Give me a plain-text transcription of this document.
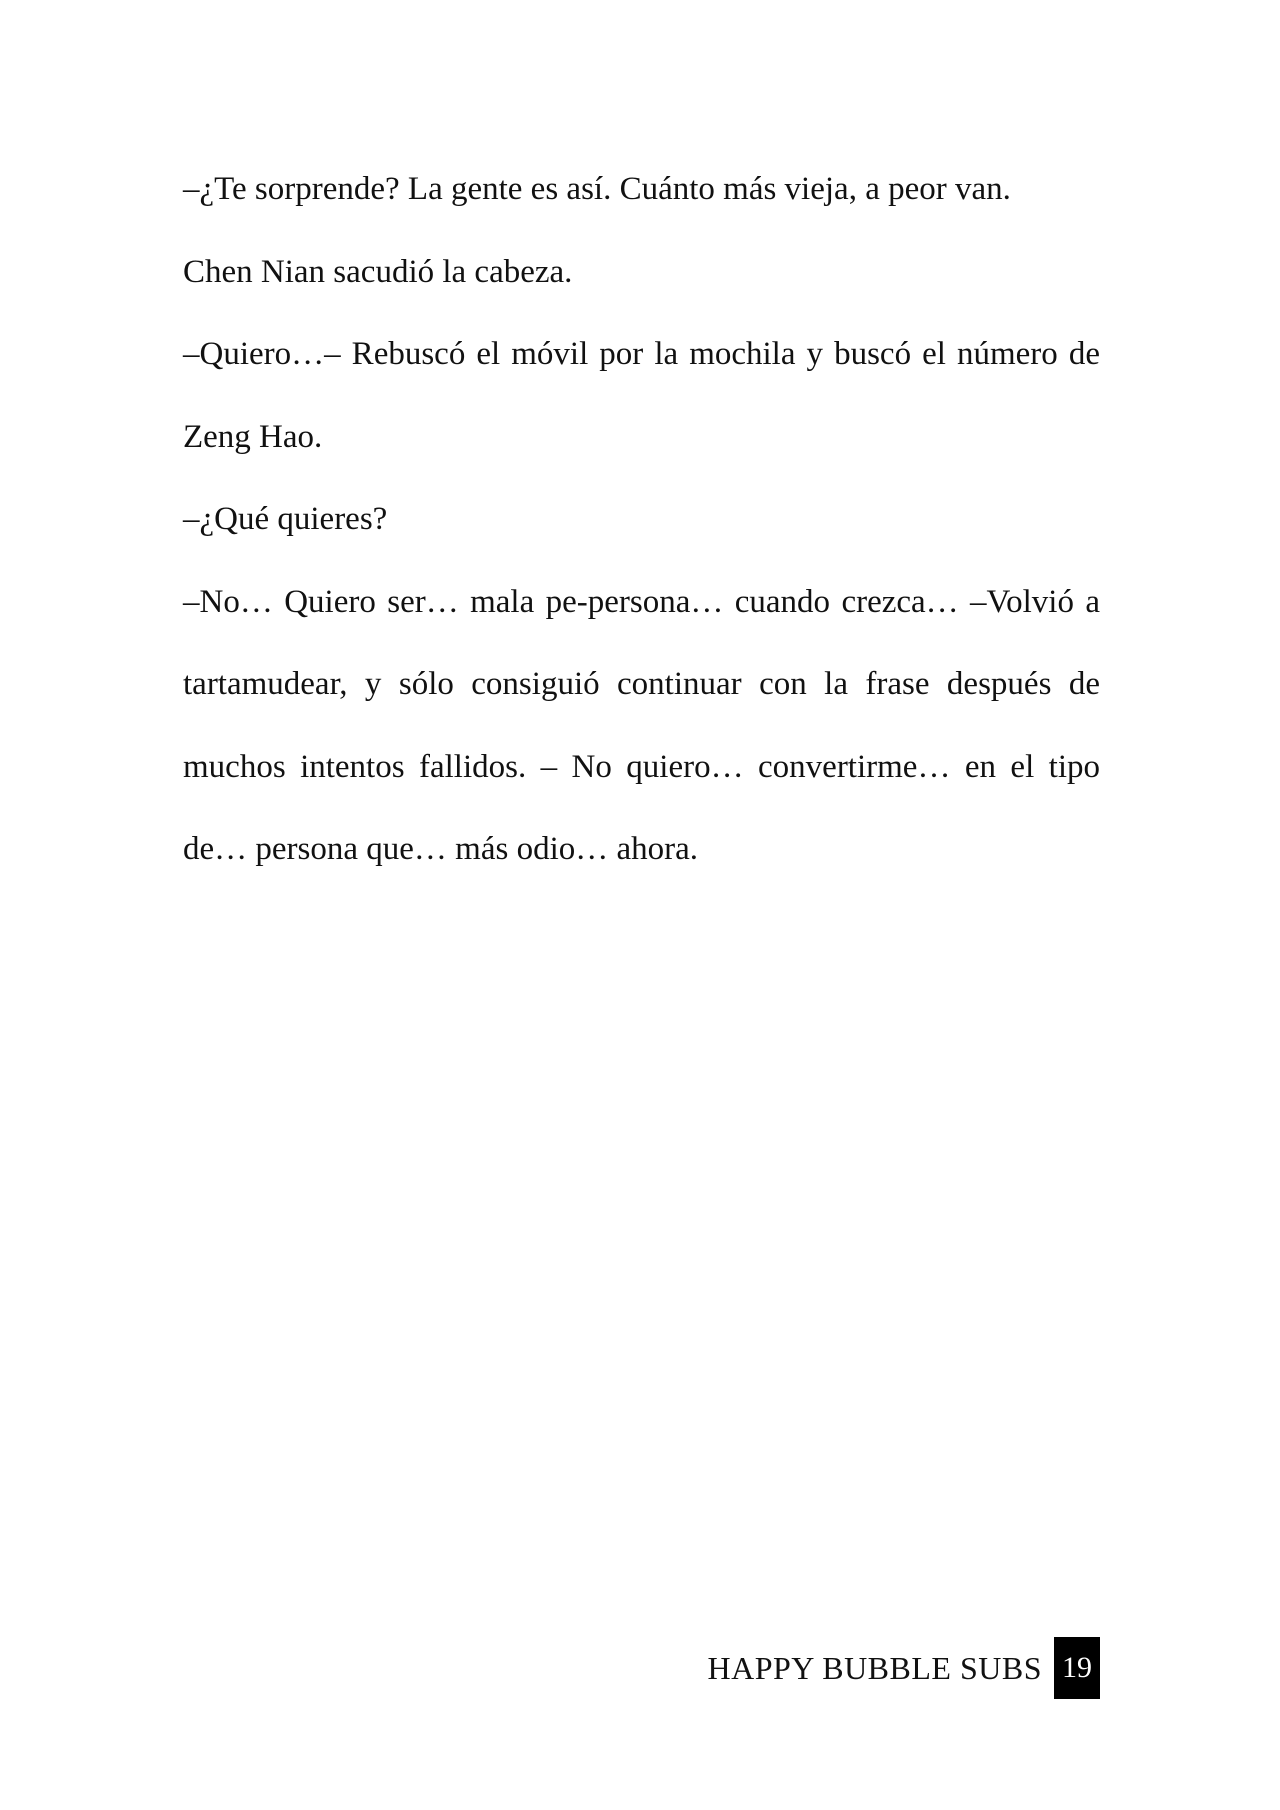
–¿Te sorprende? La gente es así. Cuánto más vieja, a peor van.

Chen Nian sacudió la cabeza.

–Quiero…– Rebuscó el móvil por la mochila y buscó el número de Zeng Hao.

–¿Qué quieres?

–No… Quiero ser… mala pe-persona… cuando crezca… –Volvió a tartamudear, y sólo consiguió continuar con la frase después de muchos intentos fallidos. – No quiero… convertirme… en el tipo de… persona que… más odio… ahora.

HAPPY BUBBLE SUBS 19
